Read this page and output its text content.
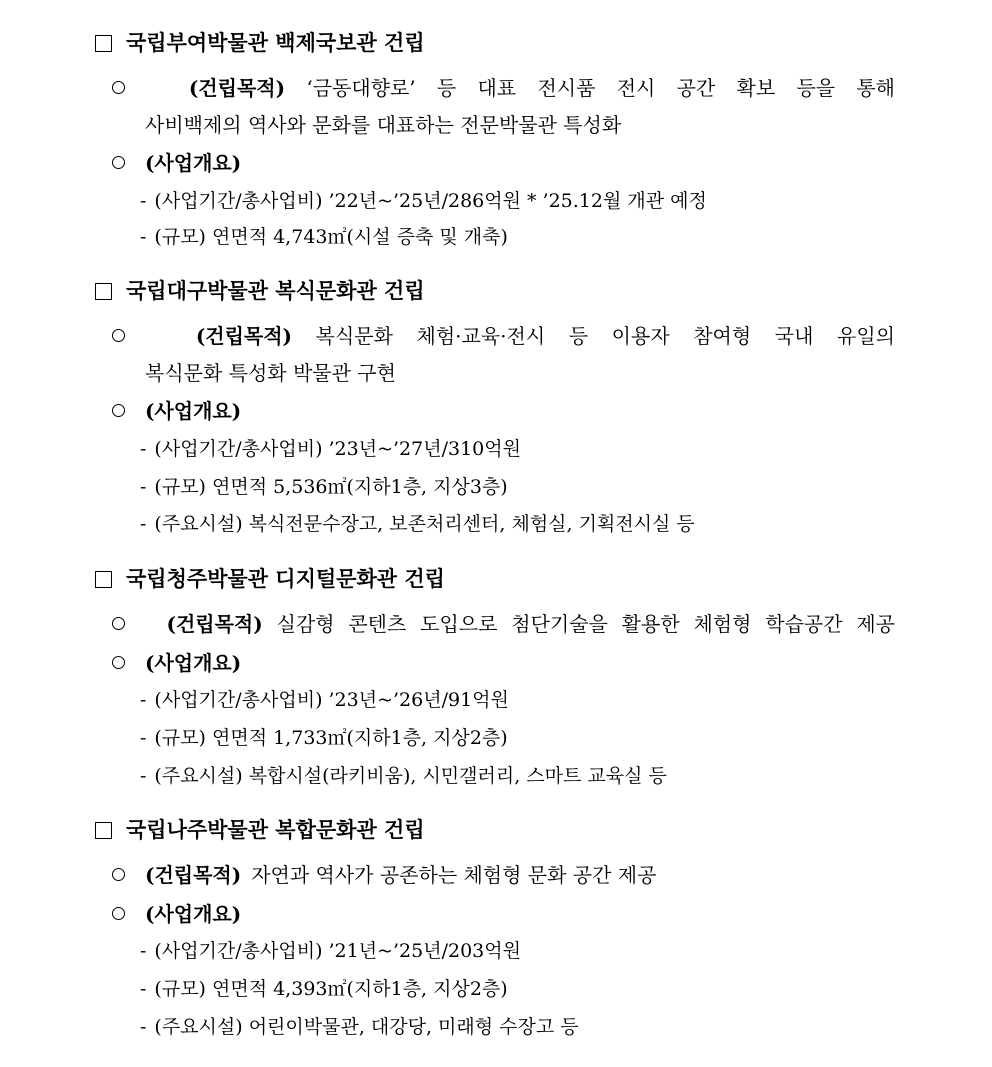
국립부여박물관 백제국보관 건립
(건립목적) ‘금동대향로’ 등 대표 전시품 전시 공간 확보 등을 통해
사비백제의 역사와 문화를 대표하는 전문박물관 특성화
(사업개요)
- (사업기간/총사업비) ’22년~’25년/286억원 * ’25.12월 개관 예정
- (규모) 연면적 4,743㎡(시설 증축 및 개축)
국립대구박물관 복식문화관 건립
(건립목적) 복식문화 체험·교육·전시 등 이용자 참여형 국내 유일의
복식문화 특성화 박물관 구현
(사업개요)
- (사업기간/총사업비) ’23년~’27년/310억원
- (규모) 연면적 5,536㎡(지하1층, 지상3층)
- (주요시설) 복식전문수장고, 보존처리센터, 체험실, 기획전시실 등
국립청주박물관 디지털문화관 건립
(건립목적) 실감형 콘텐츠 도입으로 첨단기술을 활용한 체험형 학습공간 제공
(사업개요)
- (사업기간/총사업비) ’23년~’26년/91억원
- (규모) 연면적 1,733㎡(지하1층, 지상2층)
- (주요시설) 복합시설(라키비움), 시민갤러리, 스마트 교육실 등
국립나주박물관 복합문화관 건립
(건립목적) 자연과 역사가 공존하는 체험형 문화 공간 제공
(사업개요)
- (사업기간/총사업비) ’21년~’25년/203억원
- (규모) 연면적 4,393㎡(지하1층, 지상2층)
- (주요시설) 어린이박물관, 대강당, 미래형 수장고 등
